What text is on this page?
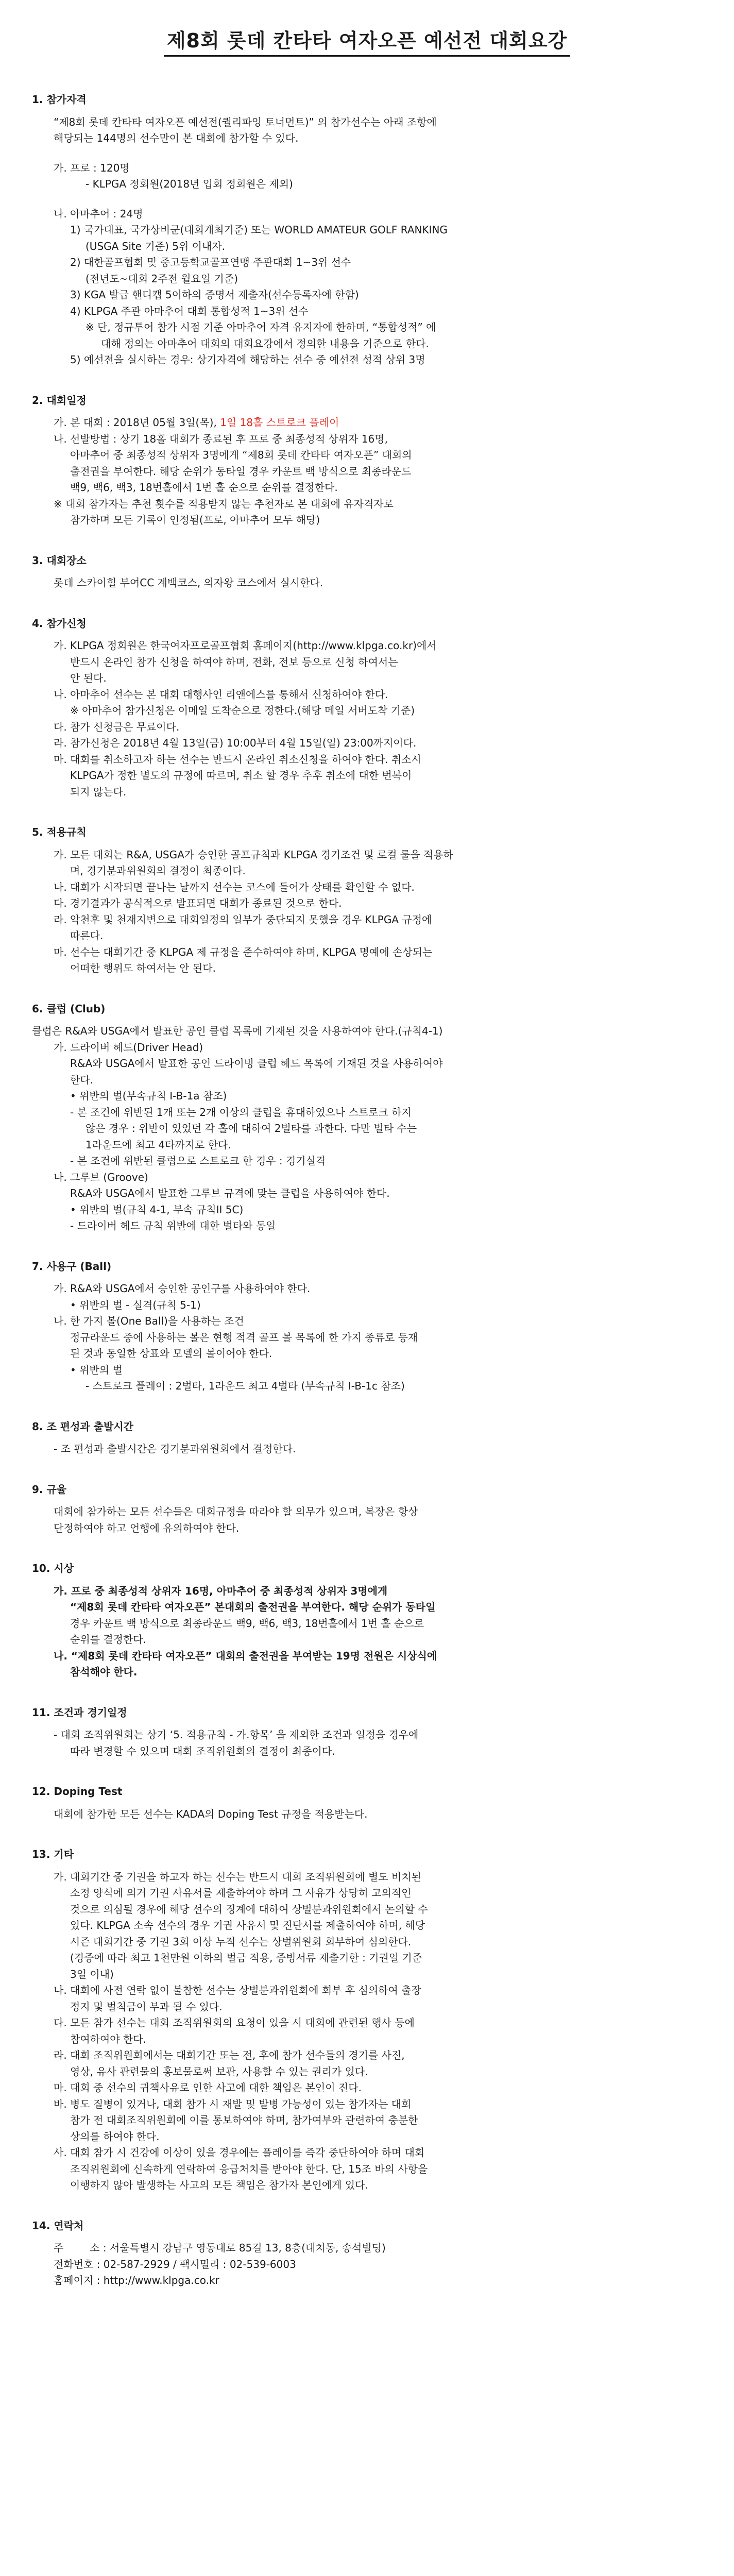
제8회 롯데 칸타타 여자오픈 예선전 대회요강
1. 참가자격
“제8회 롯데 칸타타 여자오픈 예선전(퀄리파잉 토너먼트)” 의 참가선수는 아래 조항에
해당되는 144명의 선수만이 본 대회에 참가할 수 있다.
가. 프로 : 120명
- KLPGA 정회원(2018년 입회 정회원은 제외)
나. 아마추어 : 24명
1) 국가대표, 국가상비군(대회개최기준) 또는 WORLD AMATEUR GOLF RANKING
(USGA Site 기준) 5위 이내자.
2) 대한골프협회 및 중고등학교골프연맹 주관대회 1~3위 선수
(전년도~대회 2주전 월요일 기준)
3) KGA 발급 핸디캡 5이하의 증명서 제출자(선수등록자에 한함)
4) KLPGA 주관 아마추어 대회 통합성적 1~3위 선수
※ 단, 정규투어 참가 시점 기준 아마추어 자격 유지자에 한하며, “통합성적” 에
대해 정의는 아마추어 대회의 대회요강에서 정의한 내용을 기준으로 한다.
5) 예선전을 실시하는 경우: 상기자격에 해당하는 선수 중 예선전 성적 상위 3명
2. 대회일정
가. 본 대회 : 2018년 05월 3일(목), 1일 18홀 스트로크 플레이
나. 선발방법 : 상기 18홀 대회가 종료된 후 프로 중 최종성적 상위자 16명,
아마추어 중 최종성적 상위자 3명에게 “제8회 롯데 칸타타 여자오픈” 대회의
출전권을 부여한다. 해당 순위가 동타일 경우 카운트 백 방식으로 최종라운드
백9, 백6, 백3, 18번홀에서 1번 홀 순으로 순위를 결정한다.
※ 대회 참가자는 추천 횟수를 적용받지 않는 추천자로 본 대회에 유자격자로
참가하며 모든 기록이 인정됨(프로, 아마추어 모두 해당)
3. 대회장소
롯데 스카이힐 부여CC 계백코스, 의자왕 코스에서 실시한다.
4. 참가신청
가. KLPGA 정회원은 한국여자프로골프협회 홈페이지(http://www.klpga.co.kr)에서
반드시 온라인 참가 신청을 하여야 하며, 전화, 전보 등으로 신청 하여서는
안 된다.
나. 아마추어 선수는 본 대회 대행사인 리앤에스를 통해서 신청하여야 한다.
※ 아마추어 참가신청은 이메일 도착순으로 정한다.(해당 메일 서버도착 기준)
다. 참가 신청금은 무료이다.
라. 참가신청은 2018년 4월 13일(금) 10:00부터 4월 15일(일) 23:00까지이다.
마. 대회를 취소하고자 하는 선수는 반드시 온라인 취소신청을 하여야 한다. 취소시
KLPGA가 정한 별도의 규정에 따르며, 취소 할 경우 추후 취소에 대한 번복이
되지 않는다.
5. 적용규칙
가. 모든 대회는 R&A, USGA가 승인한 골프규칙과 KLPGA 경기조건 및 로컬 룰을 적용하
며, 경기분과위원회의 결정이 최종이다.
나. 대회가 시작되면 끝나는 날까지 선수는 코스에 들어가 상태를 확인할 수 없다.
다. 경기결과가 공식적으로 발표되면 대회가 종료된 것으로 한다.
라. 악천후 및 천재지변으로 대회일정의 일부가 중단되지 못했을 경우 KLPGA 규정에
따른다.
마. 선수는 대회기간 중 KLPGA 제 규정을 준수하여야 하며, KLPGA 명예에 손상되는
어떠한 행위도 하여서는 안 된다.
6. 클럽 (Club)
클럽은 R&A와 USGA에서 발표한 공인 클럽 목록에 기재된 것을 사용하여야 한다.(규칙4-1)
가. 드라이버 헤드(Driver Head)
R&A와 USGA에서 발표한 공인 드라이빙 클럽 헤드 목록에 기재된 것을 사용하여야
한다.
• 위반의 벌(부속규칙 I-B-1a 참조)
- 본 조건에 위반된 1개 또는 2개 이상의 클럽을 휴대하였으나 스트로크 하지
않은 경우 : 위반이 있었던 각 홀에 대하여 2벌타를 과한다. 다만 벌타 수는
1라운드에 최고 4타까지로 한다.
- 본 조건에 위반된 클럽으로 스트로크 한 경우 : 경기실격
나. 그루브 (Groove)
R&A와 USGA에서 발표한 그루브 규격에 맞는 클럽을 사용하여야 한다.
• 위반의 벌(규칙 4-1, 부속 규칙II 5C)
- 드라이버 헤드 규칙 위반에 대한 벌타와 동일
7. 사용구 (Ball)
가. R&A와 USGA에서 승인한 공인구를 사용하여야 한다.
• 위반의 벌 - 실격(규칙 5-1)
나. 한 가지 볼(One Ball)을 사용하는 조건
정규라운드 중에 사용하는 볼은 현행 적격 골프 볼 목록에 한 가지 종류로 등재
된 것과 동일한 상표와 모델의 볼이어야 한다.
• 위반의 벌
- 스트로크 플레이 : 2벌타, 1라운드 최고 4벌타 (부속규칙 I-B-1c 참조)
8. 조 편성과 출발시간
- 조 편성과 출발시간은 경기분과위원회에서 결정한다.
9. 규율
대회에 참가하는 모든 선수들은 대회규정을 따라야 할 의무가 있으며, 복장은 항상
단정하여야 하고 언행에 유의하여야 한다.
10. 시상
가. 프로 중 최종성적 상위자 16명, 아마추어 중 최종성적 상위자 3명에게
“제8회 롯데 칸타타 여자오픈” 본대회의 출전권을 부여한다. 해당 순위가 동타일
경우 카운트 백 방식으로 최종라운드 백9, 백6, 백3, 18번홀에서 1번 홀 순으로
순위를 결정한다.
나. “제8회 롯데 칸타타 여자오픈” 대회의 출전권을 부여받는 19명 전원은 시상식에
참석해야 한다.
11. 조건과 경기일정
- 대회 조직위원회는 상기 ‘5. 적용규칙 - 가.항목’ 을 제외한 조건과 일정을 경우에
따라 변경할 수 있으며 대회 조직위원회의 결정이 최종이다.
12. Doping Test
대회에 참가한 모든 선수는 KADA의 Doping Test 규정을 적용받는다.
13. 기타
가. 대회기간 중 기권을 하고자 하는 선수는 반드시 대회 조직위원회에 별도 비치된
소정 양식에 의거 기권 사유서를 제출하여야 하며 그 사유가 상당히 고의적인
것으로 의심될 경우에 해당 선수의 징계에 대하여 상벌분과위원회에서 논의할 수
있다. KLPGA 소속 선수의 경우 기권 사유서 및 진단서를 제출하여야 하며, 해당
시즌 대회기간 중 기권 3회 이상 누적 선수는 상벌위원회 회부하여 심의한다.
(경증에 따라 최고 1천만원 이하의 벌금 적용, 증빙서류 제출기한 : 기권일 기준
3일 이내)
나. 대회에 사전 연락 없이 불참한 선수는 상벌분과위원회에 회부 후 심의하여 출장
정지 및 벌칙금이 부과 될 수 있다.
다. 모든 참가 선수는 대회 조직위원회의 요청이 있을 시 대회에 관련된 행사 등에
참여하여야 한다.
라. 대회 조직위원회에서는 대회기간 또는 전, 후에 참가 선수들의 경기를 사진,
영상, 유사 관련물의 홍보물로써 보관, 사용할 수 있는 권리가 있다.
마. 대회 중 선수의 귀책사유로 인한 사고에 대한 책임은 본인이 진다.
바. 병도 질병이 있거나, 대회 참가 시 재발 및 발병 가능성이 있는 참가자는 대회
참가 전 대회조직위원회에 이를 통보하여야 하며, 참가여부와 관련하여 충분한
상의를 하여야 한다.
사. 대회 참가 시 건강에 이상이 있을 경우에는 플레이를 즉각 중단하여야 하며 대회
조직위원회에 신속하게 연락하여 응급처치를 받아야 한다. 단, 15조 바의 사항을
이행하지 않아 발생하는 사고의 모든 책임은 참가자 본인에게 있다.
14. 연락처
주        소 : 서울특별시 강남구 영동대로 85길 13, 8층(대치동, 송석빌딩)
전화번호 : 02-587-2929 / 팩시밀리 : 02-539-6003
홈페이지 : http://www.klpga.co.kr
